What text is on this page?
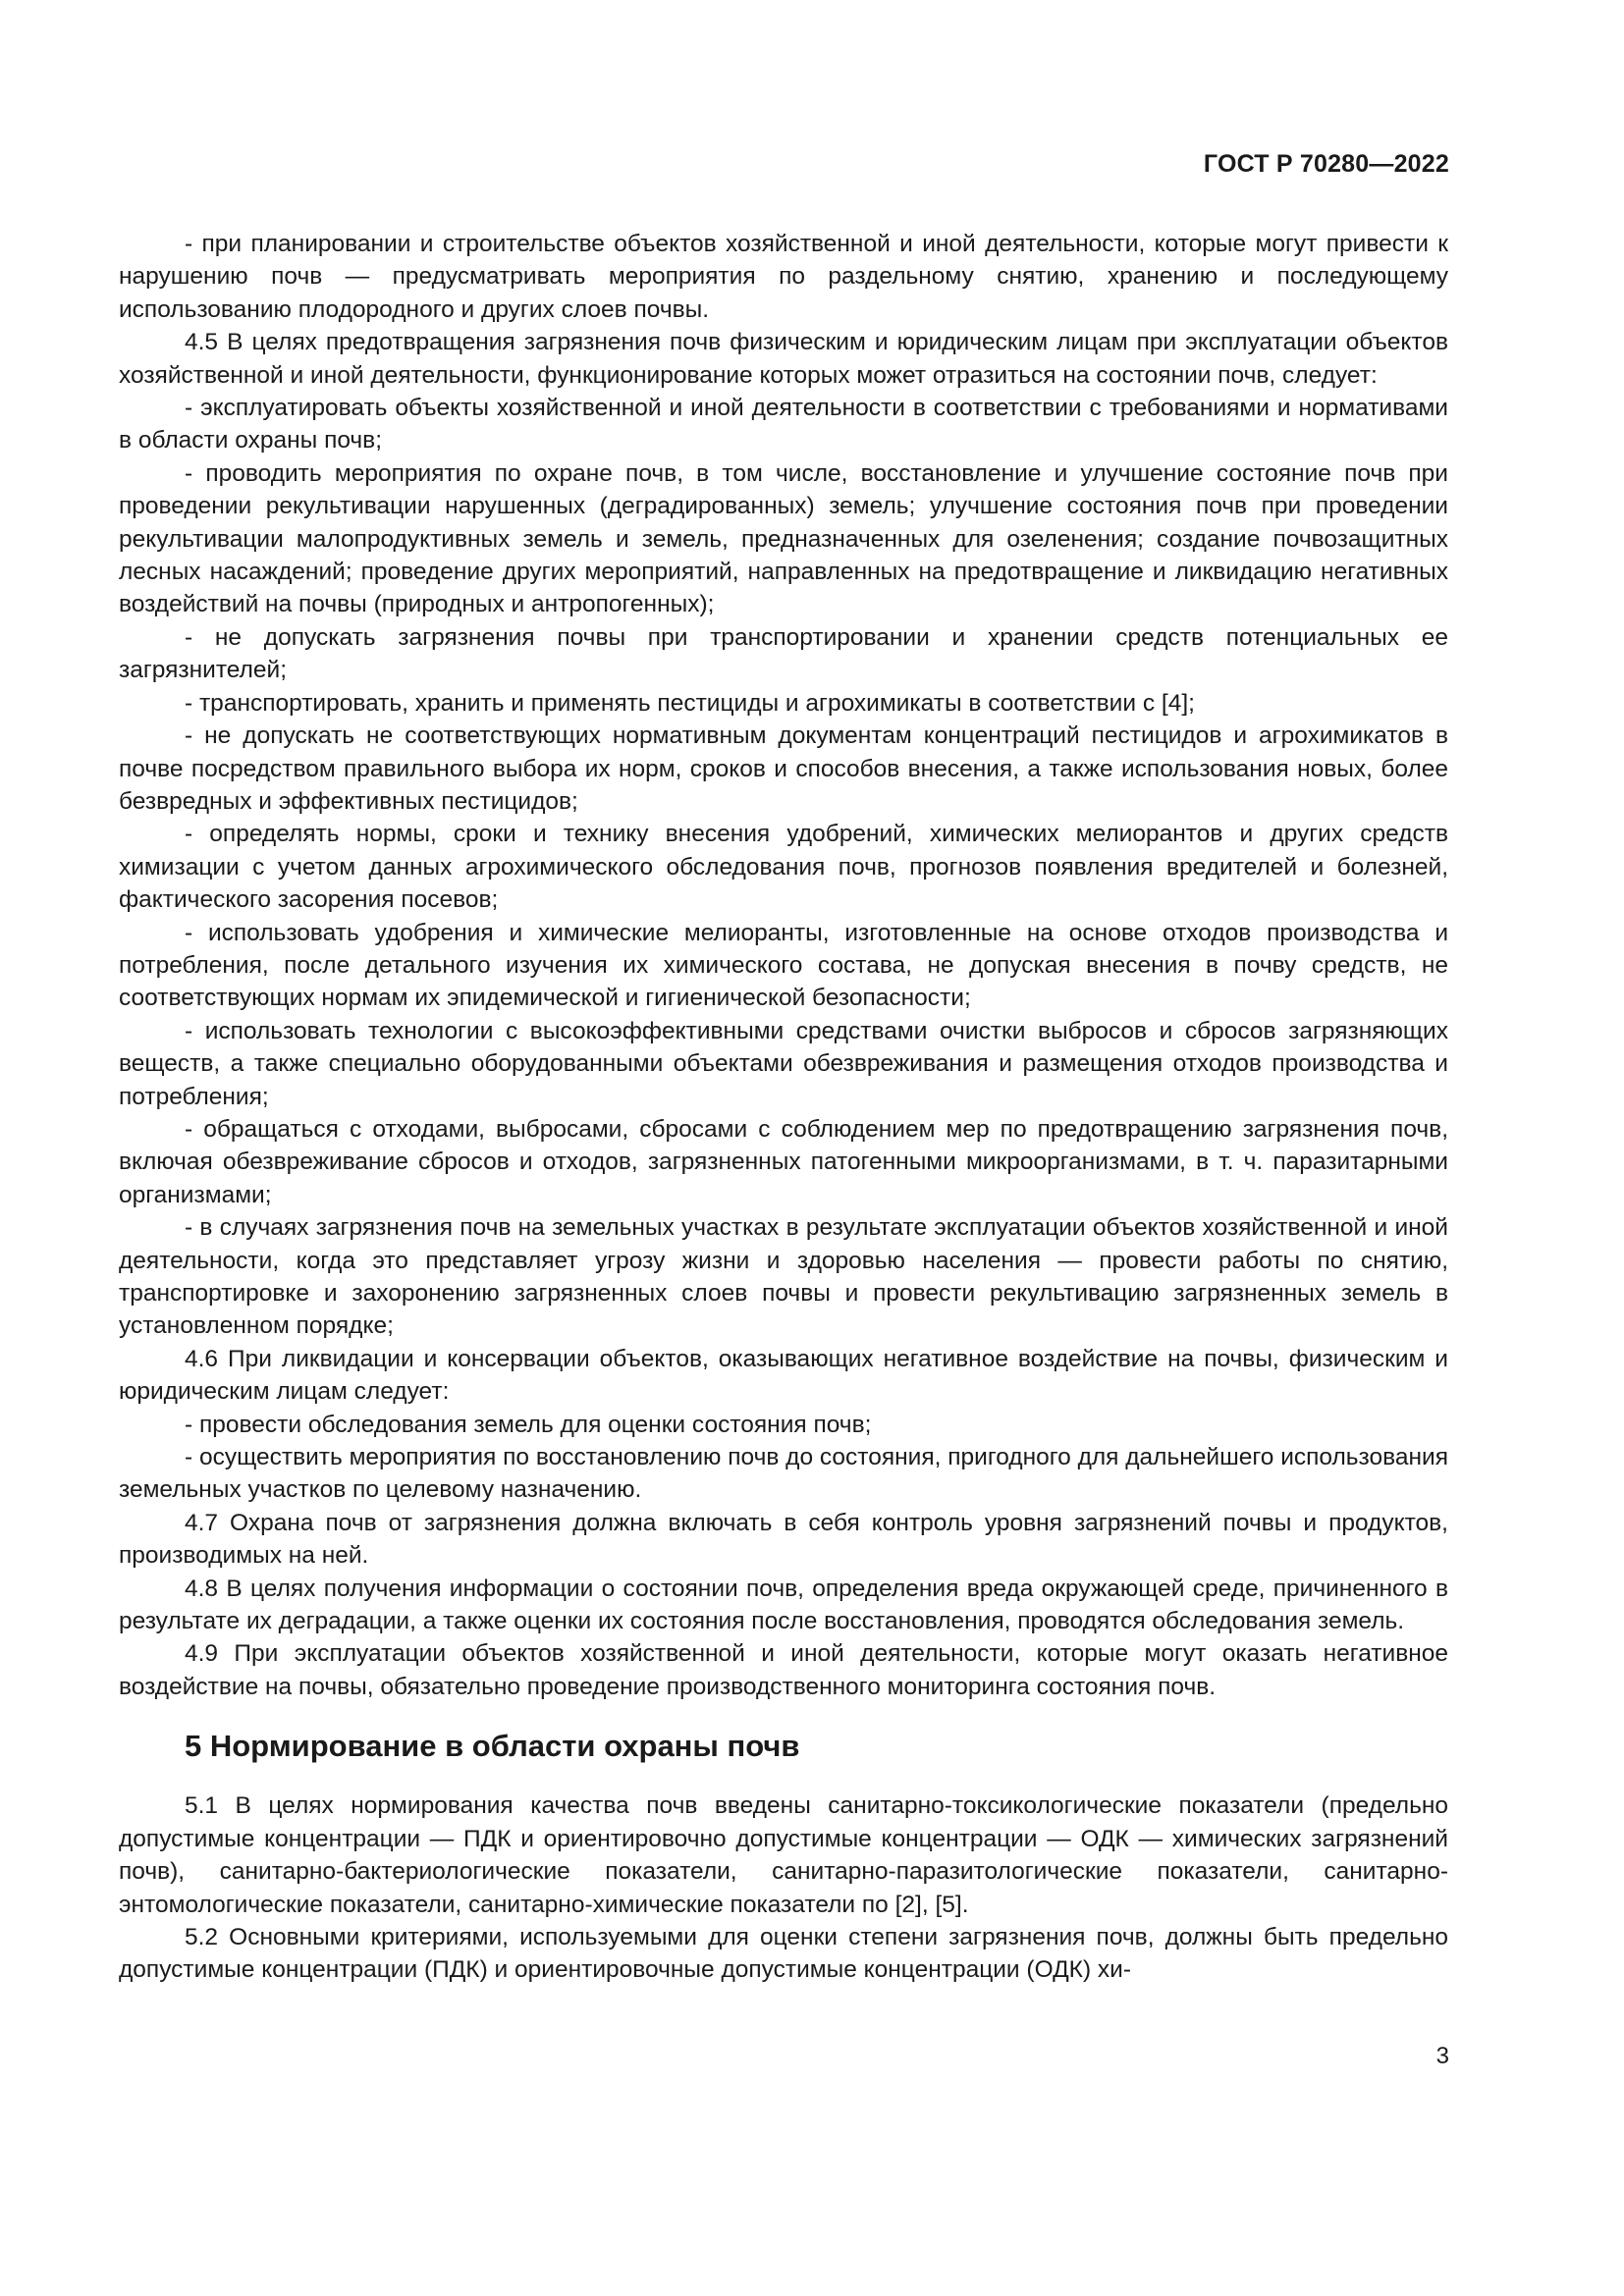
ГОСТ Р 70280—2022

- при планировании и строительстве объектов хозяйственной и иной деятельности, которые могут привести к нарушению почв — предусматривать мероприятия по раздельному снятию, хранению и последующему использованию плодородного и других слоев почвы.

4.5 В целях предотвращения загрязнения почв физическим и юридическим лицам при эксплуатации объектов хозяйственной и иной деятельности, функционирование которых может отразиться на состоянии почв, следует:

- эксплуатировать объекты хозяйственной и иной деятельности в соответствии с требованиями и нормативами в области охраны почв;

- проводить мероприятия по охране почв, в том числе, восстановление и улучшение состояние почв при проведении рекультивации нарушенных (деградированных) земель; улучшение состояния почв при проведении рекультивации малопродуктивных земель и земель, предназначенных для озеленения; создание почвозащитных лесных насаждений; проведение других мероприятий, направленных на предотвращение и ликвидацию негативных воздействий на почвы (природных и антропогенных);

- не допускать загрязнения почвы при транспортировании и хранении средств потенциальных ее загрязнителей;

- транспортировать, хранить и применять пестициды и агрохимикаты в соответствии с [4];

- не допускать не соответствующих нормативным документам концентраций пестицидов и агрохимикатов в почве посредством правильного выбора их норм, сроков и способов внесения, а также использования новых, более безвредных и эффективных пестицидов;

- определять нормы, сроки и технику внесения удобрений, химических мелиорантов и других средств химизации с учетом данных агрохимического обследования почв, прогнозов появления вредителей и болезней, фактического засорения посевов;

- использовать удобрения и химические мелиоранты, изготовленные на основе отходов производства и потребления, после детального изучения их химического состава, не допуская внесения в почву средств, не соответствующих нормам их эпидемической и гигиенической безопасности;

- использовать технологии с высокоэффективными средствами очистки выбросов и сбросов загрязняющих веществ, а также специально оборудованными объектами обезвреживания и размещения отходов производства и потребления;

- обращаться с отходами, выбросами, сбросами с соблюдением мер по предотвращению загрязнения почв, включая обезвреживание сбросов и отходов, загрязненных патогенными микроорганизмами, в т. ч. паразитарными организмами;

- в случаях загрязнения почв на земельных участках в результате эксплуатации объектов хозяйственной и иной деятельности, когда это представляет угрозу жизни и здоровью населения — провести работы по снятию, транспортировке и захоронению загрязненных слоев почвы и провести рекультивацию загрязненных земель в установленном порядке;

4.6 При ликвидации и консервации объектов, оказывающих негативное воздействие на почвы, физическим и юридическим лицам следует:

- провести обследования земель для оценки состояния почв;

- осуществить мероприятия по восстановлению почв до состояния, пригодного для дальнейшего использования земельных участков по целевому назначению.

4.7 Охрана почв от загрязнения должна включать в себя контроль уровня загрязнений почвы и продуктов, производимых на ней.

4.8 В целях получения информации о состоянии почв, определения вреда окружающей среде, причиненного в результате их деградации, а также оценки их состояния после восстановления, проводятся обследования земель.

4.9 При эксплуатации объектов хозяйственной и иной деятельности, которые могут оказать негативное воздействие на почвы, обязательно проведение производственного мониторинга состояния почв.

5 Нормирование в области охраны почв

5.1 В целях нормирования качества почв введены санитарно-токсикологические показатели (предельно допустимые концентрации — ПДК и ориентировочно допустимые концентрации — ОДК — химических загрязнений почв), санитарно-бактериологические показатели, санитарно-паразитологические показатели, санитарно-энтомологические показатели, санитарно-химические показатели по [2], [5].

5.2 Основными критериями, используемыми для оценки степени загрязнения почв, должны быть предельно допустимые концентрации (ПДК) и ориентировочные допустимые концентрации (ОДК) хи-

3
